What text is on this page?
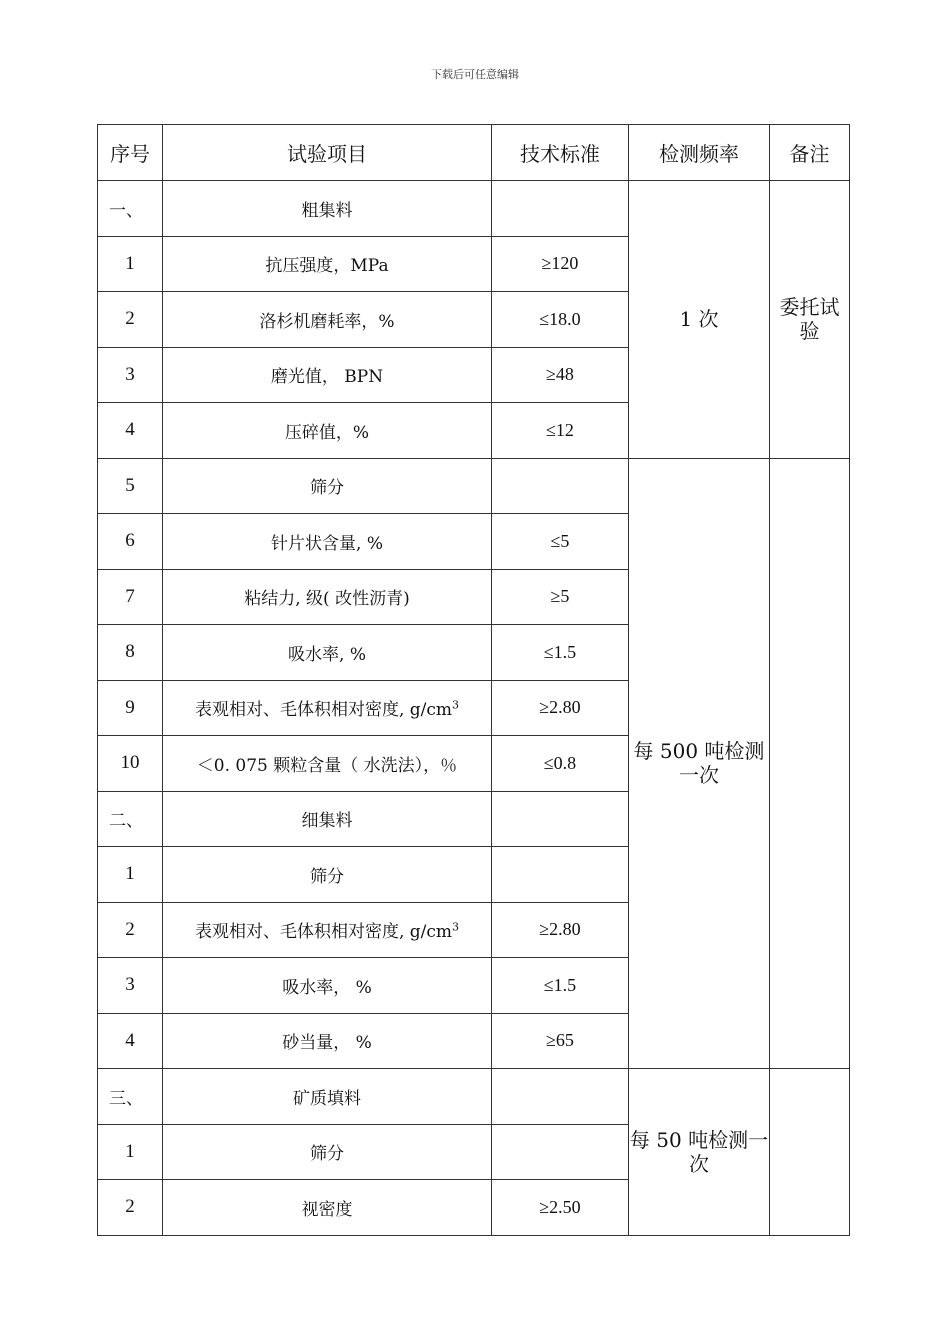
下载后可任意编辑
序号	试验项目	技术标准	检测频率	备注
一、	粗集料		1 次	委托试验
1	抗压强度，MPa	≥120		
2	洛杉机磨耗率，%	≤18.0		
3	磨光值， BPN	≥48		
4	压碎值，%	≤12		
5	筛分		每 500 吨检测一次	
6	针片状含量, %	≤5		
7	粘结力, 级( 改性沥青)	≥5		
8	吸水率, %	≤1.5		
9	表观相对、毛体积相对密度, $g/cm^3$	≥2.80		
10	＜0. 075 颗粒含量（ 水洗法），％	≤0.8		
二、	细集料			
1	筛分			
2	表观相对、毛体积相对密度, $g/cm^3$	≥2.80		
3	吸水率， %	≤1.5		
4	砂当量， %	≥65		
三、	矿质填料		每 50 吨检测一次	
1	筛分			
2	视密度	≥2.50		
